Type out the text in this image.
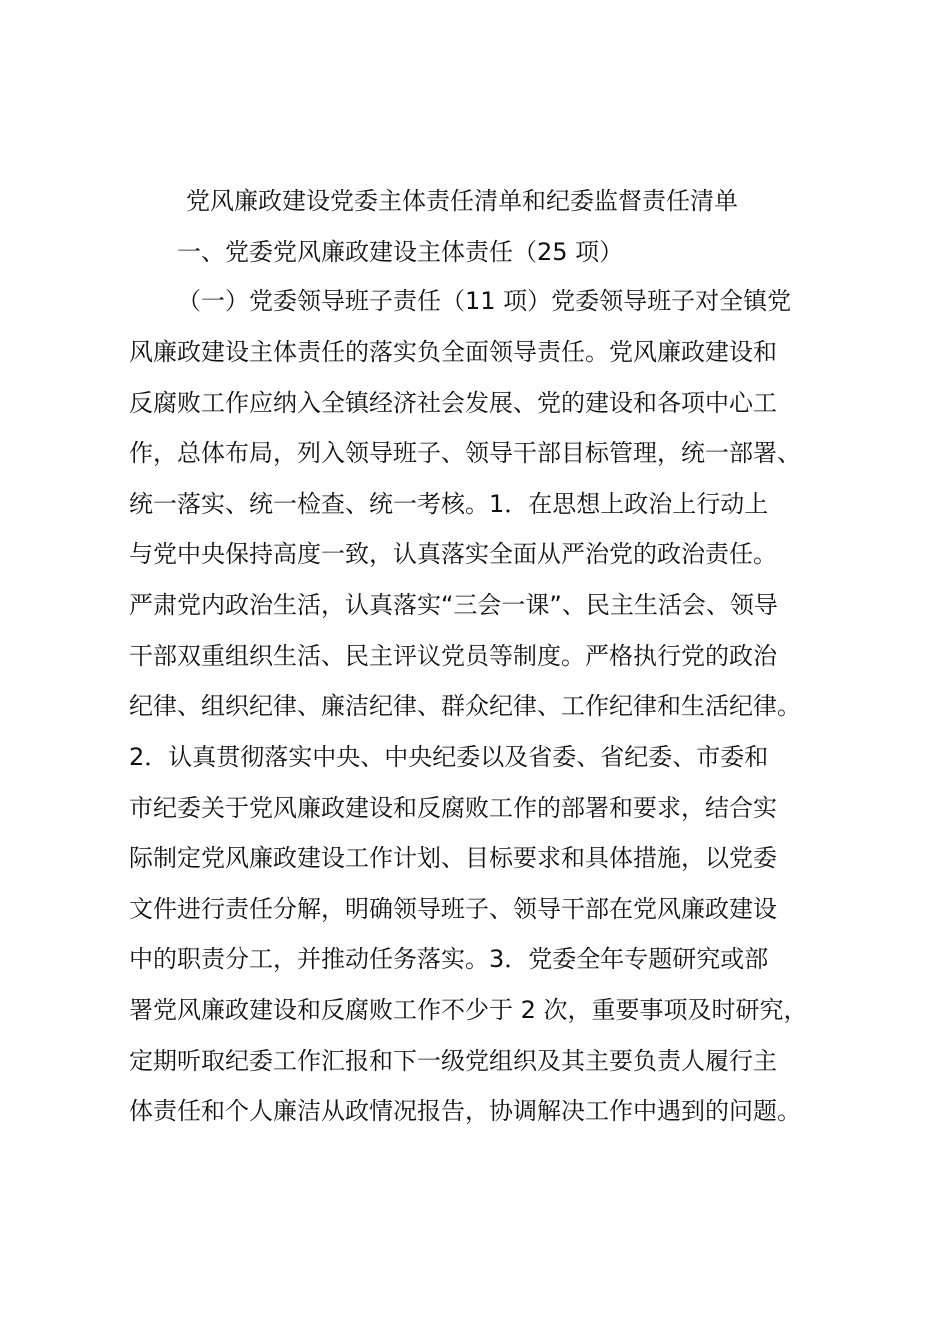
党风廉政建设党委主体责任清单和纪委监督责任清单
一、党委党风廉政建设主体责任（25 项）
（一）党委领导班子责任（11 项）党委领导班子对全镇党
风廉政建设主体责任的落实负全面领导责任。党风廉政建设和
反腐败工作应纳入全镇经济社会发展、党的建设和各项中心工
作，总体布局，列入领导班子、领导干部目标管理，统一部署、
统一落实、统一检查、统一考核。1．在思想上政治上行动上
与党中央保持高度一致，认真落实全面从严治党的政治责任。
严肃党内政治生活，认真落实“三会一课”、民主生活会、领导
干部双重组织生活、民主评议党员等制度。严格执行党的政治
纪律、组织纪律、廉洁纪律、群众纪律、工作纪律和生活纪律。
2．认真贯彻落实中央、中央纪委以及省委、省纪委、市委和
市纪委关于党风廉政建设和反腐败工作的部署和要求，结合实
际制定党风廉政建设工作计划、目标要求和具体措施，以党委
文件进行责任分解，明确领导班子、领导干部在党风廉政建设
中的职责分工，并推动任务落实。3．党委全年专题研究或部
署党风廉政建设和反腐败工作不少于 2 次，重要事项及时研究，
定期听取纪委工作汇报和下一级党组织及其主要负责人履行主
体责任和个人廉洁从政情况报告，协调解决工作中遇到的问题。
